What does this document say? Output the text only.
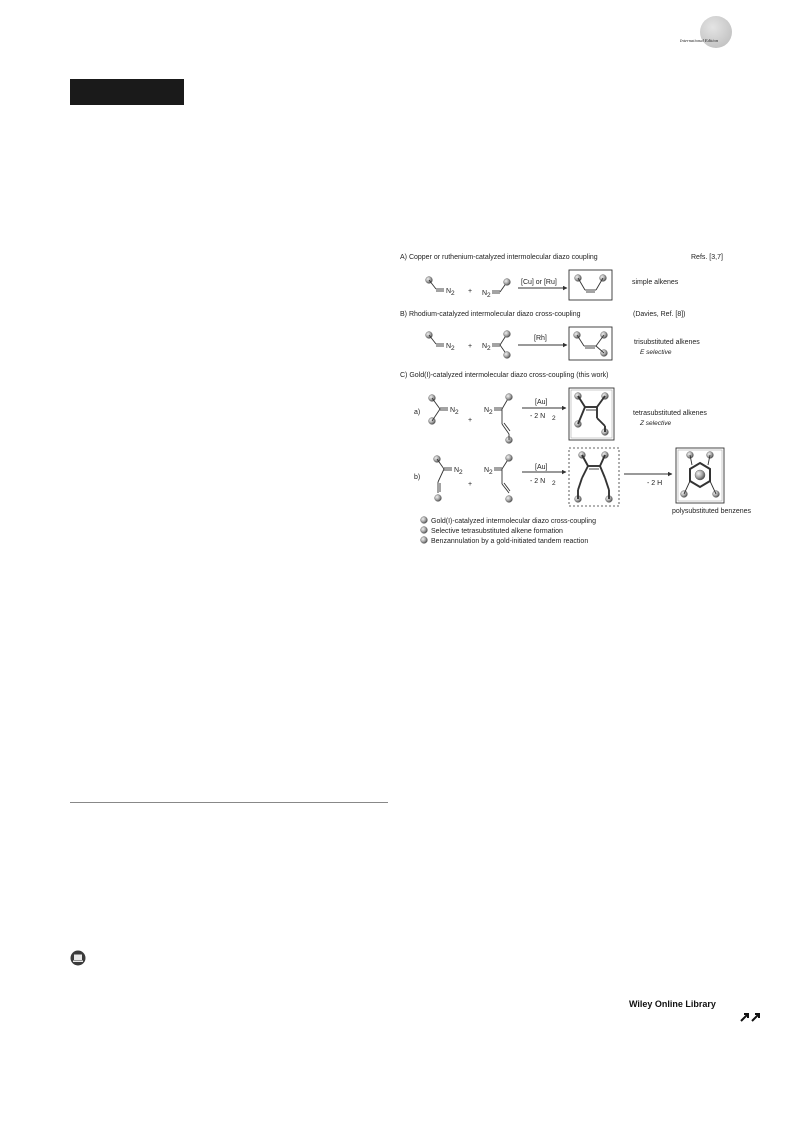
International Edition
A) Copper or ruthenium-catalyzed intermolecular diazo coupling	Refs. [3,7]
N 2 + N 2
[Cu] or [Ru]	simple alkenes
B) Rhodium-catalyzed intermolecular diazo cross-coupling	(Davies, Ref. [8])
N 2 + N 2
[Rh]
trisubstituted alkenes
E selective
C) Gold(I)-catalyzed intermolecular diazo cross-coupling (this work)
a)	N 2
+
N 2
[Au]
- 2 N 2
tetrasubstituted alkenes
Z selective
b)
N 2
+
N 2
[Au]
- 2 N 2	- 2 H
polysubstituted benzenes
Gold(I)-catalyzed intermolecular diazo cross-coupling
Selective tetrasubstituted alkene formation
Benzannulation by a gold-initiated tandem reaction
Wiley Online Library
